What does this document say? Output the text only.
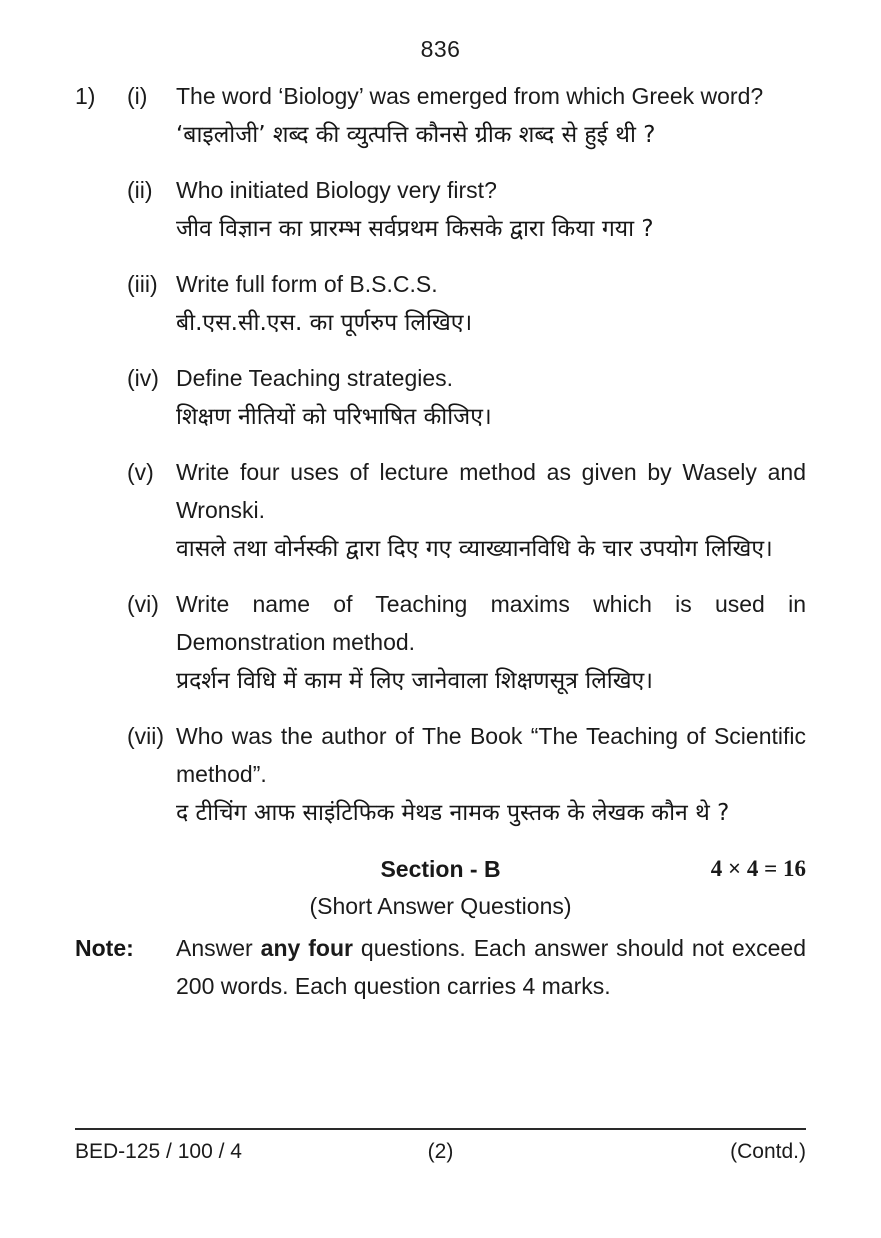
836
1)	(i)	The word ‘Biology’ was emerged from which Greek word?
‘बाइलोजी’ शब्द की व्युत्पत्ति कौनसे ग्रीक शब्द से हुई थी ?
(ii)	Who initiated Biology very first?
जीव विज्ञान का प्रारम्भ सर्वप्रथम किसके द्वारा किया गया ?
(iii) Write full form of B.S.C.S.
बी.एस.सी.एस. का पूर्णरुप लिखिए।
(iv) Define Teaching strategies.
शिक्षण नीतियों को परिभाषित कीजिए।
(v) Write four uses of lecture method as given by Wasely and Wronski.
वासले तथा वोर्नस्की द्वारा दिए गए व्याख्यानविधि के चार उपयोग लिखिए।
(vi) Write name of Teaching maxims which is used in Demonstration method.
प्रदर्शन विधि में काम में लिए जानेवाला शिक्षणसूत्र लिखिए।
(vii) Who was the author of The Book “The Teaching of Scientific method”.
द टीचिंग आफ साइंटिफिक मेथड नामक पुस्तक के लेखक कौन थे ?
Section - B	4 × 4 = 16
(Short Answer Questions)
Note:	Answer any four questions. Each answer should not exceed 200 words. Each question carries 4 marks.
BED-125 / 100 / 4	(2)	(Contd.)
